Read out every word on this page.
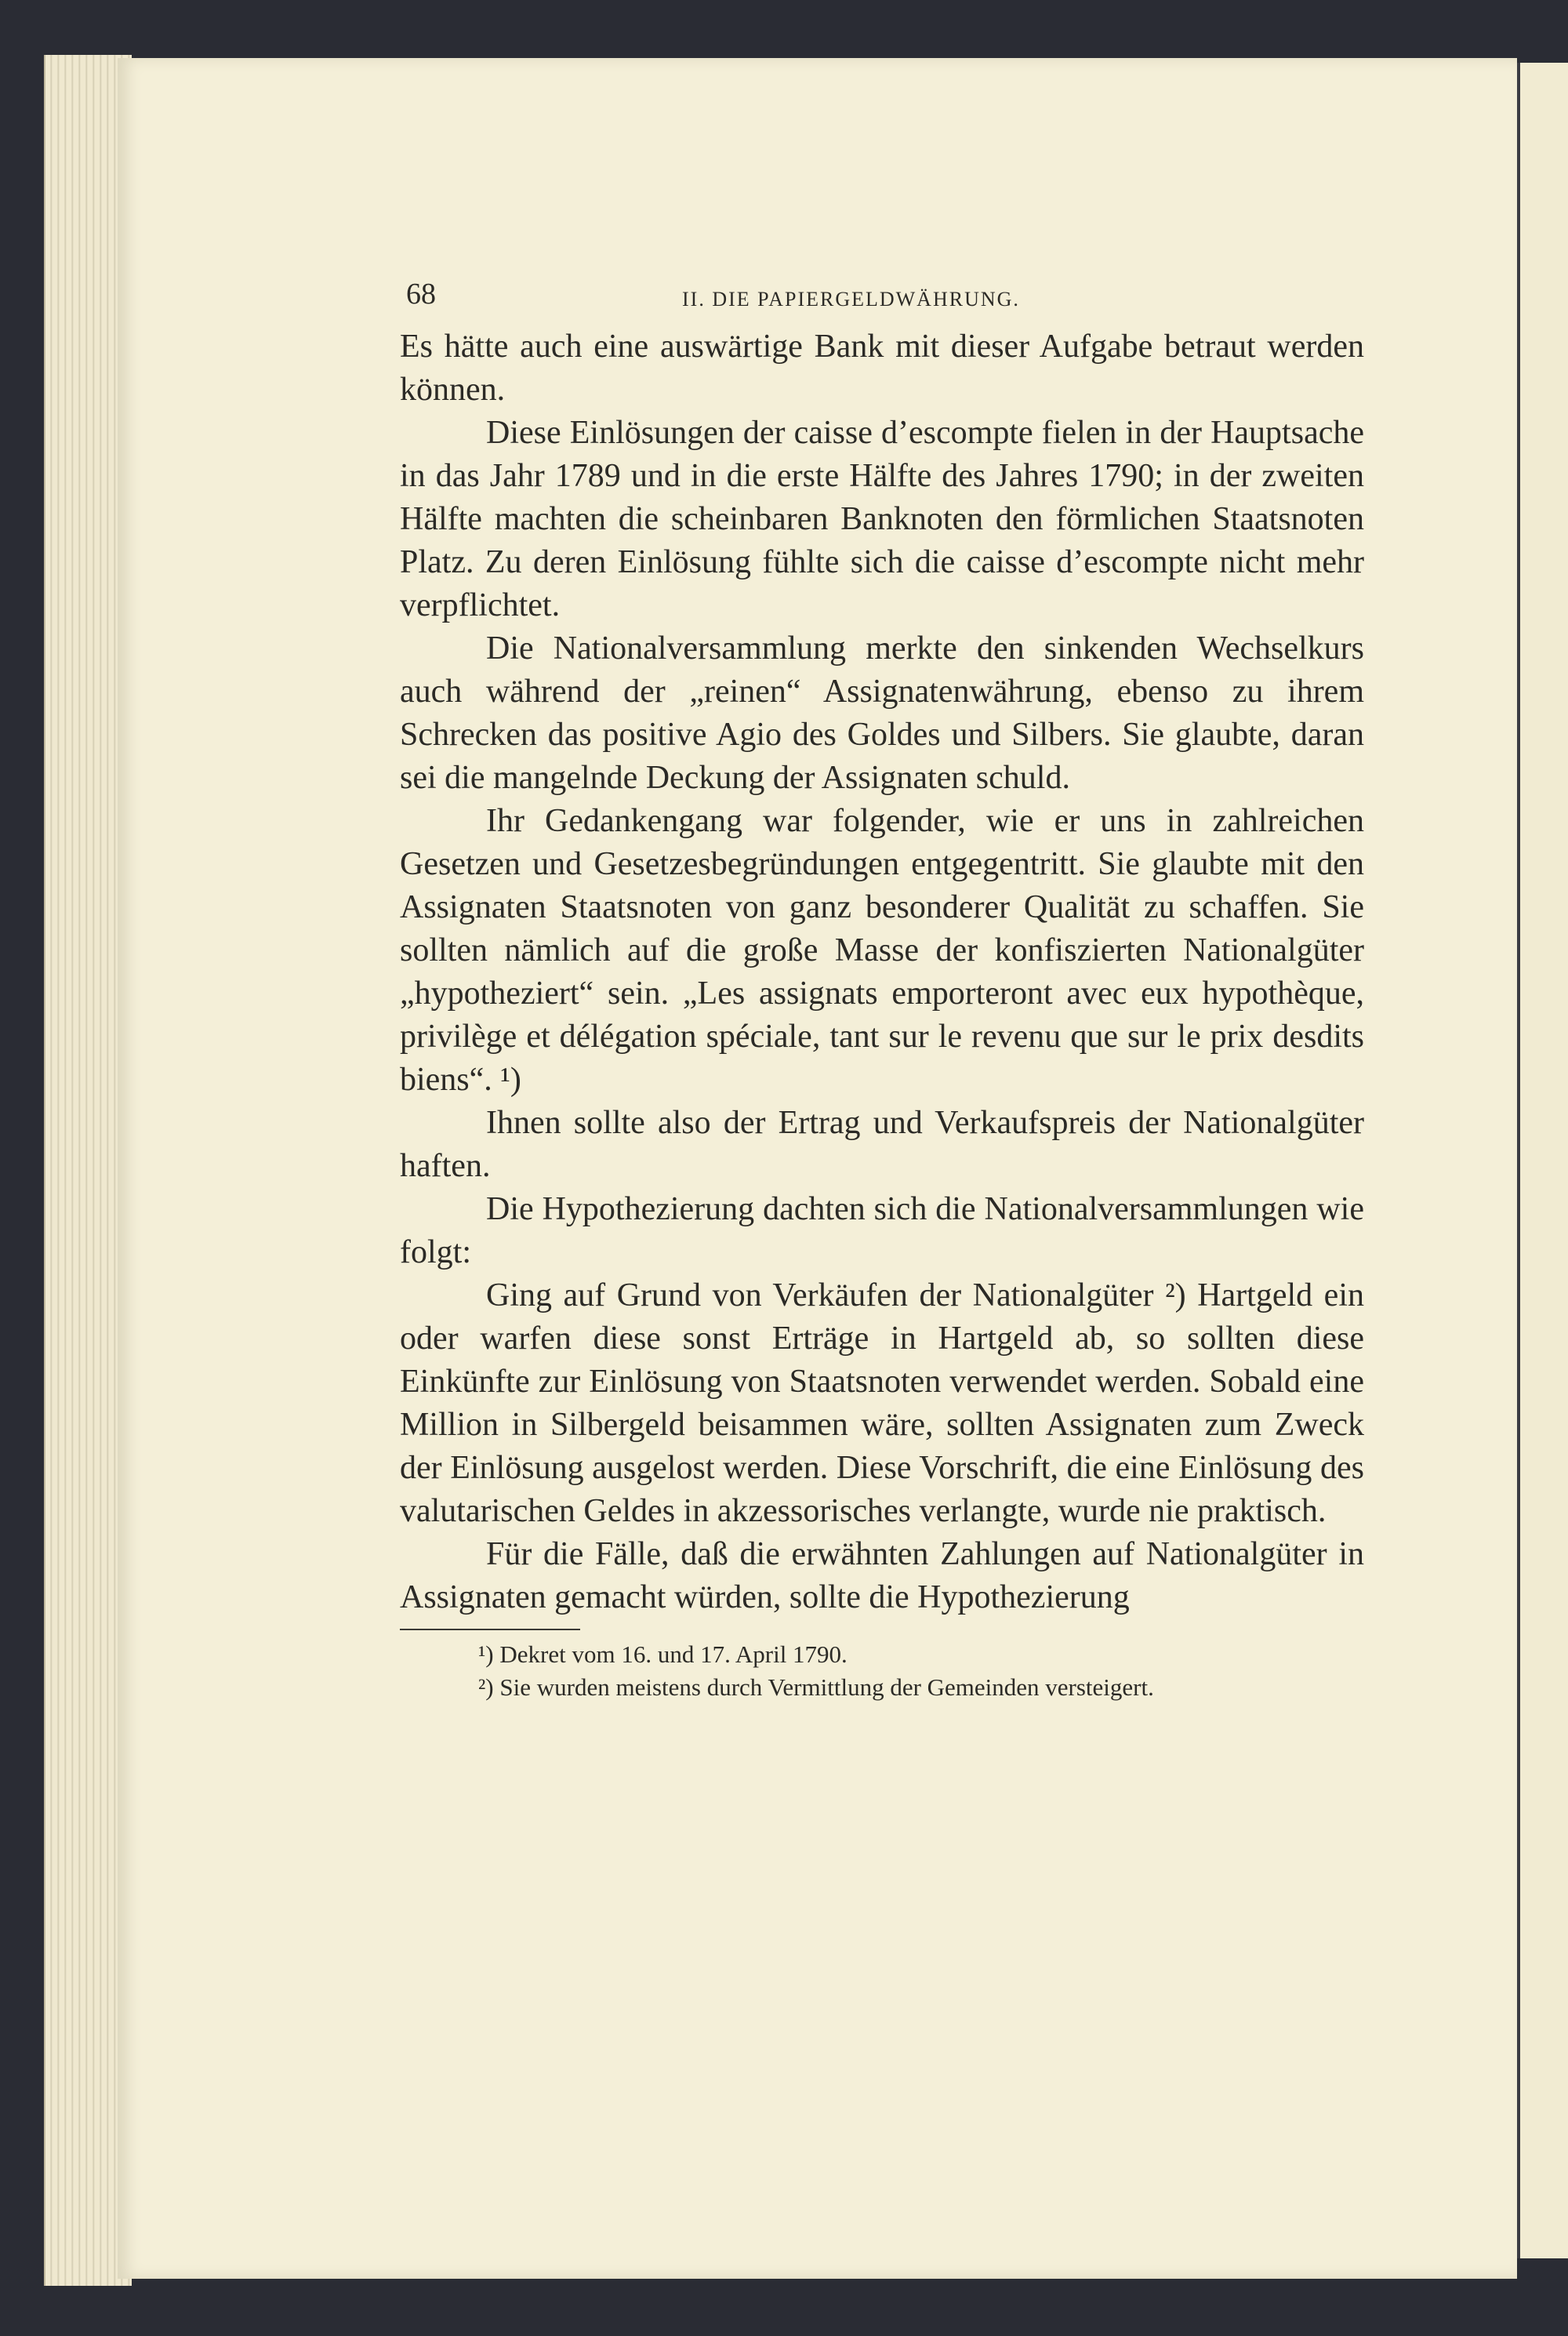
68	II. DIE PAPIERGELDWÄHRUNG.

Es hätte auch eine auswärtige Bank mit dieser Aufgabe betraut werden können.

Diese Einlösungen der caisse d’escompte fielen in der Hauptsache in das Jahr 1789 und in die erste Hälfte des Jahres 1790; in der zweiten Hälfte machten die scheinbaren Banknoten den förmlichen Staatsnoten Platz. Zu deren Einlösung fühlte sich die caisse d’escompte nicht mehr verpflichtet.

Die Nationalversammlung merkte den sinkenden Wechselkurs auch während der „reinen“ Assignatenwährung, ebenso zu ihrem Schrecken das positive Agio des Goldes und Silbers. Sie glaubte, daran sei die mangelnde Deckung der Assignaten schuld.

Ihr Gedankengang war folgender, wie er uns in zahlreichen Gesetzen und Gesetzesbegründungen entgegentritt. Sie glaubte mit den Assignaten Staatsnoten von ganz besonderer Qualität zu schaffen. Sie sollten nämlich auf die große Masse der konfiszierten Nationalgüter „hypotheziert“ sein. „Les assignats emporteront avec eux hypothèque, privilège et délégation spéciale, tant sur le revenu que sur le prix desdits biens“. ¹)

Ihnen sollte also der Ertrag und Verkaufspreis der Nationalgüter haften.

Die Hypothezierung dachten sich die Nationalversammlungen wie folgt:

Ging auf Grund von Verkäufen der Nationalgüter ²) Hartgeld ein oder warfen diese sonst Erträge in Hartgeld ab, so sollten diese Einkünfte zur Einlösung von Staatsnoten verwendet werden. Sobald eine Million in Silbergeld beisammen wäre, sollten Assignaten zum Zweck der Einlösung ausgelost werden. Diese Vorschrift, die eine Einlösung des valutarischen Geldes in akzessorisches verlangte, wurde nie praktisch.

Für die Fälle, daß die erwähnten Zahlungen auf Nationalgüter in Assignaten gemacht würden, sollte die Hypothezierung

¹) Dekret vom 16. und 17. April 1790.

²) Sie wurden meistens durch Vermittlung der Gemeinden versteigert.
